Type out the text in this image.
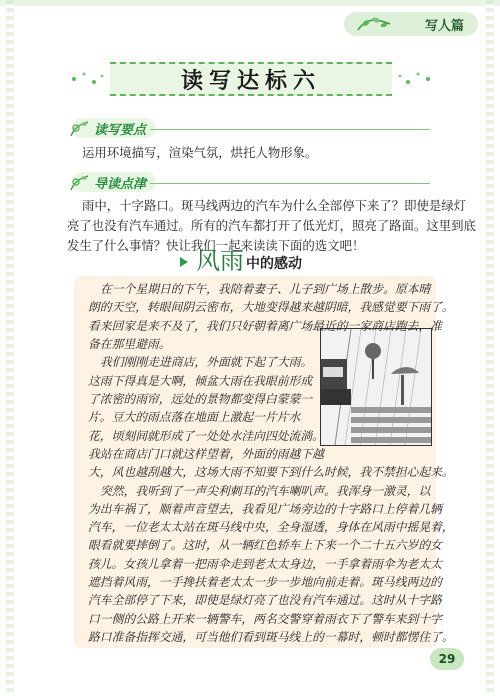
写人篇
读写达标六
读写要点
运用环境描写，渲染气氛，烘托人物形象。
导读点津
雨中，十字路口。斑马线两边的汽车为什么全部停下来了？即使是绿灯
亮了也没有汽车通过。所有的汽车都打开了低光灯，照亮了路面。这里到底
发生了什么事情？快让我们一起来读读下面的选文吧！
风雨 中的感动
在一个星期日的下午，我陪着妻子、儿子到广场上散步。原本晴
朗的天空，转眼间阴云密布，大地变得越来越阴暗，我感觉要下雨了。
看来回家是来不及了，我们只好朝着离广场最近的一家商店跑去，准
备在那里避雨。
我们刚刚走进商店，外面就下起了大雨。
这雨下得真是大啊，倾盆大雨在我眼前形成
了浓密的雨帘，远处的景物都变得白蒙蒙一
片。豆大的雨点落在地面上激起一片片水
花，顷刻间就形成了一处处水洼向四处流淌。
我站在商店门口就这样望着，外面的雨越下越
大，风也越刮越大，这场大雨不知要下到什么时候，我不禁担心起来。
突然，我听到了一声尖利刺耳的汽车喇叭声。我浑身一激灵，以
为出车祸了，顺着声音望去，我看见广场旁边的十字路口上停着几辆
汽车，一位老太太站在斑马线中央，全身湿透，身体在风雨中摇晃着，
眼看就要摔倒了。这时，从一辆红色轿车上下来一个二十五六岁的女
孩儿。女孩儿拿着一把雨伞走到老太太身边，一手拿着雨伞为老太太
遮挡着风雨，一手搀扶着老太太一步一步地向前走着。斑马线两边的
汽车全部停了下来，即使是绿灯亮了也没有汽车通过。这时从十字路
口一侧的公路上开来一辆警车，两名交警穿着雨衣下了警车来到十字
路口准备指挥交通，可当他们看到斑马线上的一幕时，顿时都愣住了。
29
